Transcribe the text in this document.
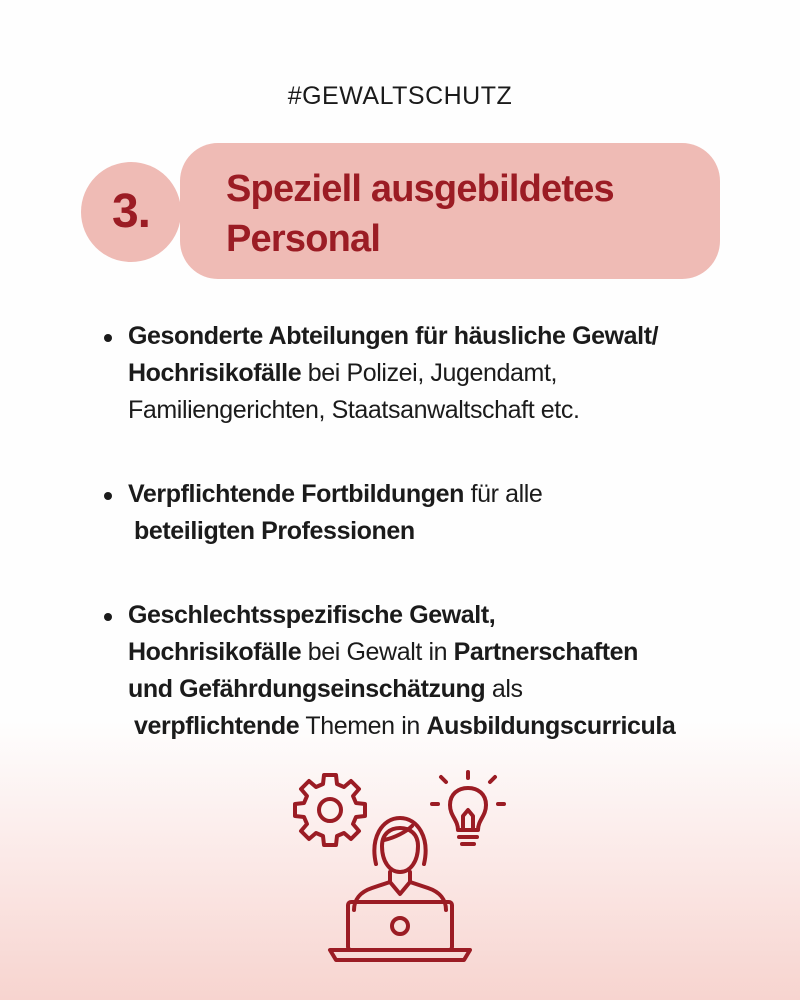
#GEWALTSCHUTZ
3.	Speziell ausgebildetes
Personal
Gesonderte Abteilungen für häusliche Gewalt/
Hochrisikofälle bei Polizei, Jugendamt,
Familiengerichten, Staatsanwaltschaft etc.
Verpflichtende Fortbildungen für alle
beteiligten Professionen
Geschlechtsspezifische Gewalt,
Hochrisikofälle bei Gewalt in Partnerschaften
und Gefährdungseinschätzung als
verpflichtende Themen in Ausbildungscurricula
